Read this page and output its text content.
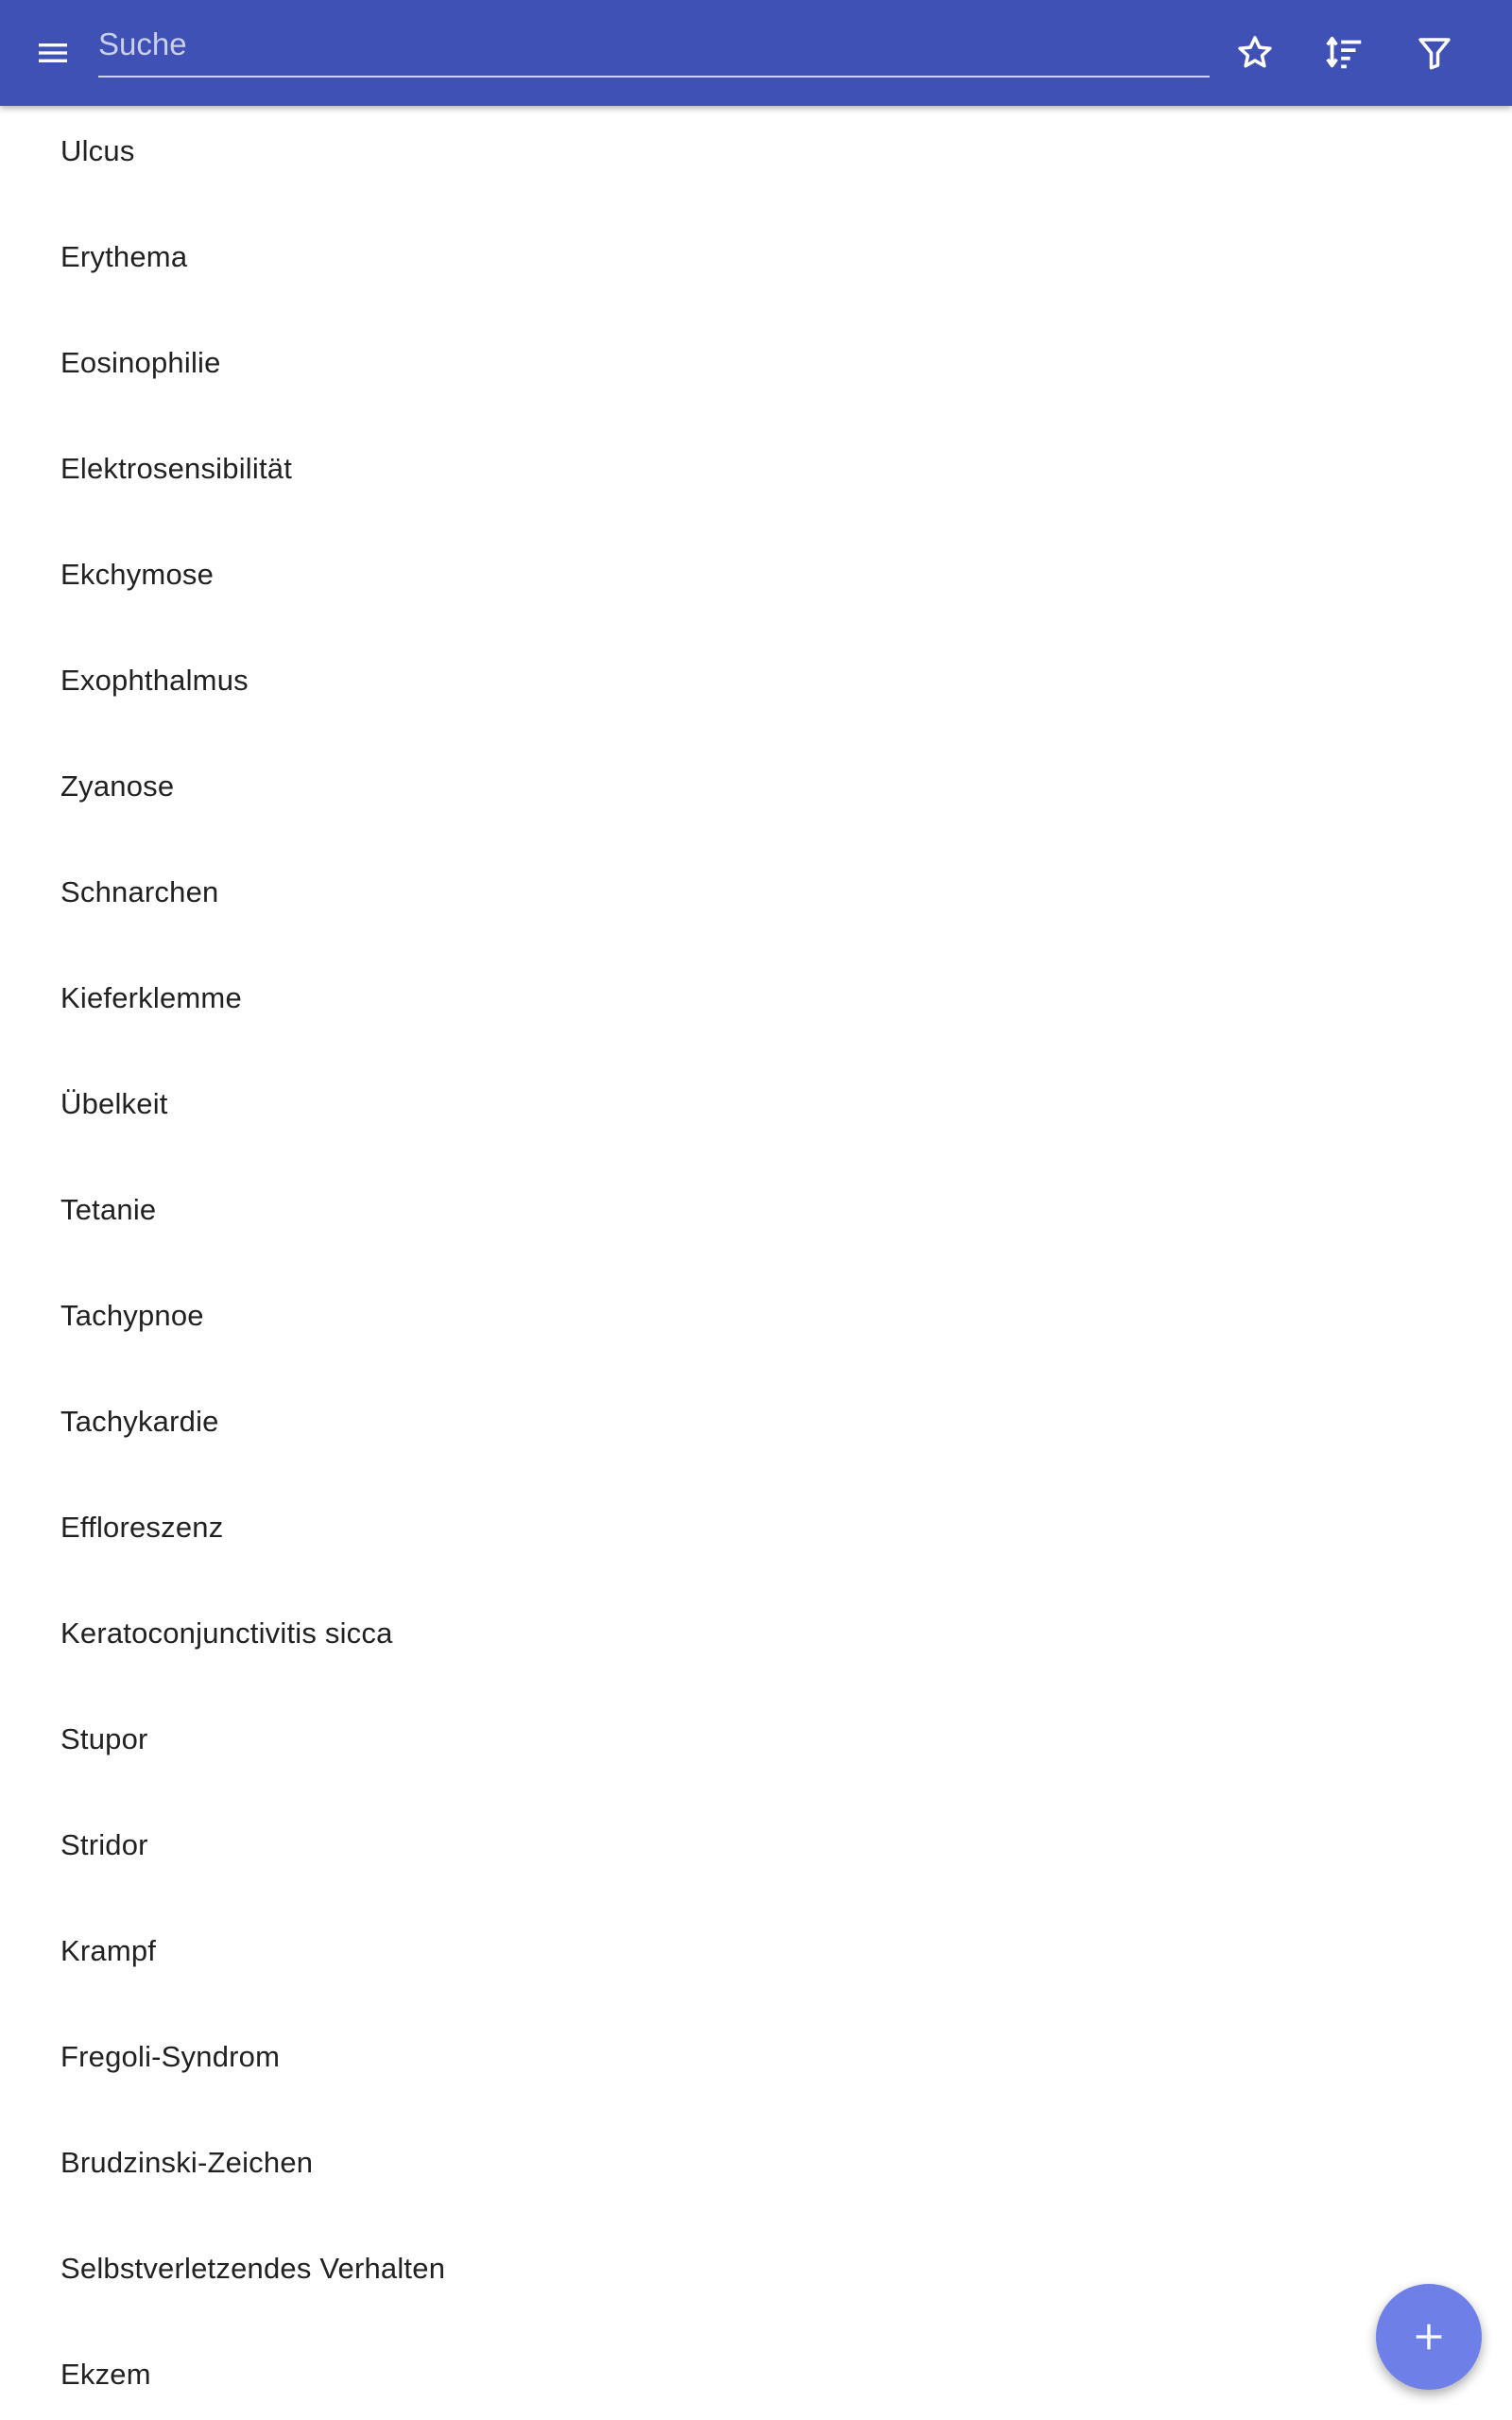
Suche
Ulcus
Erythema
Eosinophilie
Elektrosensibilität
Ekchymose
Exophthalmus
Zyanose
Schnarchen
Kieferklemme
Übelkeit
Tetanie
Tachypnoe
Tachykardie
Effloreszenz
Keratoconjunctivitis sicca
Stupor
Stridor
Krampf
Fregoli-Syndrom
Brudzinski-Zeichen
Selbstverletzendes Verhalten
Ekzem
